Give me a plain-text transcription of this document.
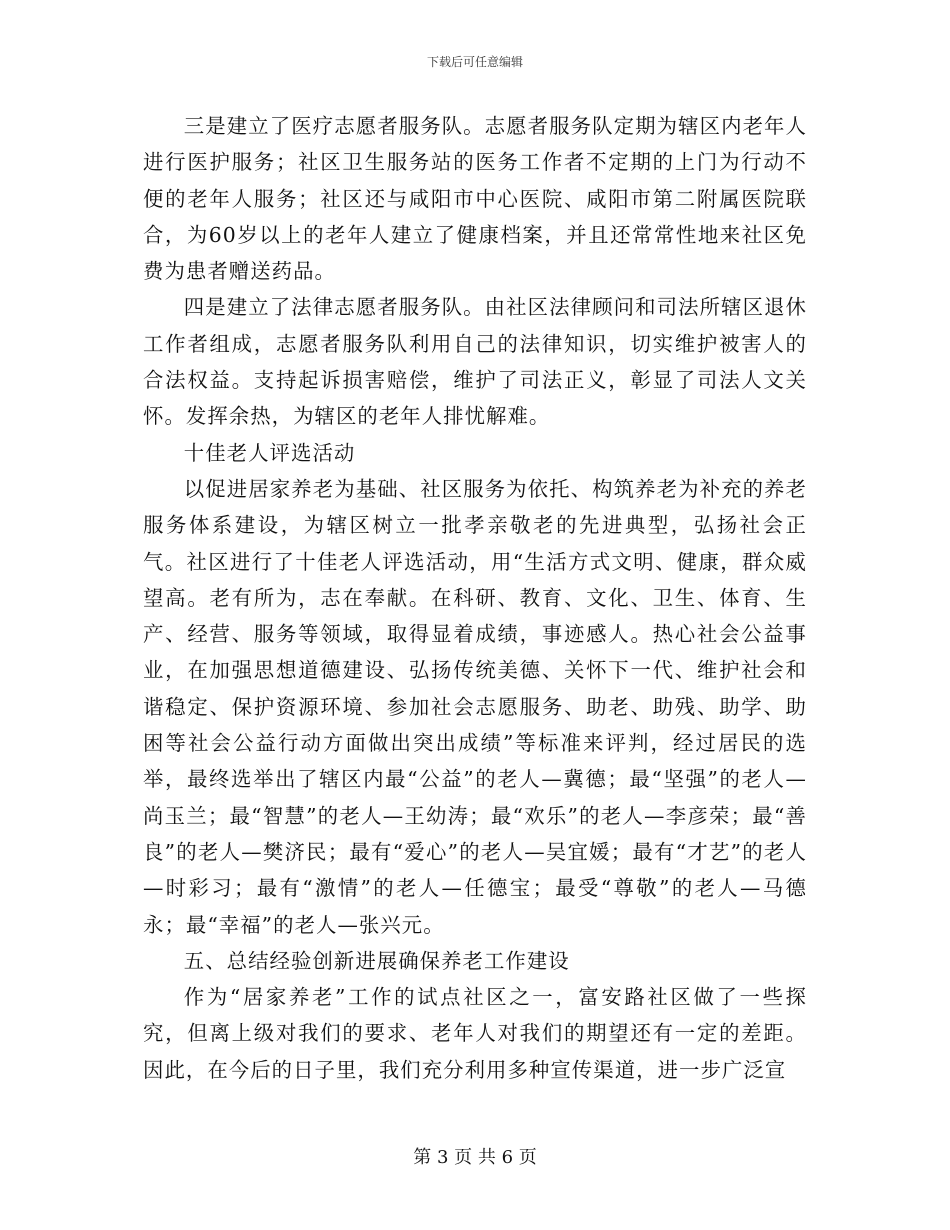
下载后可任意编辑

三是建立了医疗志愿者服务队。志愿者服务队定期为辖区内老年人进行医护服务；社区卫生服务站的医务工作者不定期的上门为行动不便的老年人服务；社区还与咸阳市中心医院、咸阳市第二附属医院联合，为60岁以上的老年人建立了健康档案，并且还常常性地来社区免费为患者赠送药品。

四是建立了法律志愿者服务队。由社区法律顾问和司法所辖区退休工作者组成，志愿者服务队利用自己的法律知识，切实维护被害人的合法权益。支持起诉损害赔偿，维护了司法正义，彰显了司法人文关怀。发挥余热，为辖区的老年人排忧解难。

十佳老人评选活动

以促进居家养老为基础、社区服务为依托、构筑养老为补充的养老服务体系建设，为辖区树立一批孝亲敬老的先进典型，弘扬社会正气。社区进行了十佳老人评选活动，用“生活方式文明、健康，群众威望高。老有所为，志在奉献。在科研、教育、文化、卫生、体育、生产、经营、服务等领域，取得显着成绩，事迹感人。热心社会公益事业，在加强思想道德建设、弘扬传统美德、关怀下一代、维护社会和谐稳定、保护资源环境、参加社会志愿服务、助老、助残、助学、助困等社会公益行动方面做出突出成绩”等标准来评判，经过居民的选举，最终选举出了辖区内最“公益”的老人—冀德；最“坚强”的老人—尚玉兰；最“智慧”的老人—王幼涛；最“欢乐”的老人—李彦荣；最“善良”的老人—樊济民；最有“爱心”的老人—吴宜媛；最有“才艺”的老人—时彩习；最有“激情”的老人—任德宝；最受“尊敬”的老人—马德永；最“幸福”的老人—张兴元。

五、总结经验创新进展确保养老工作建设

作为“居家养老”工作的试点社区之一，富安路社区做了一些探究，但离上级对我们的要求、老年人对我们的期望还有一定的差距。因此，在今后的日子里，我们充分利用多种宣传渠道，进一步广泛宣

第 3 页 共 6 页
